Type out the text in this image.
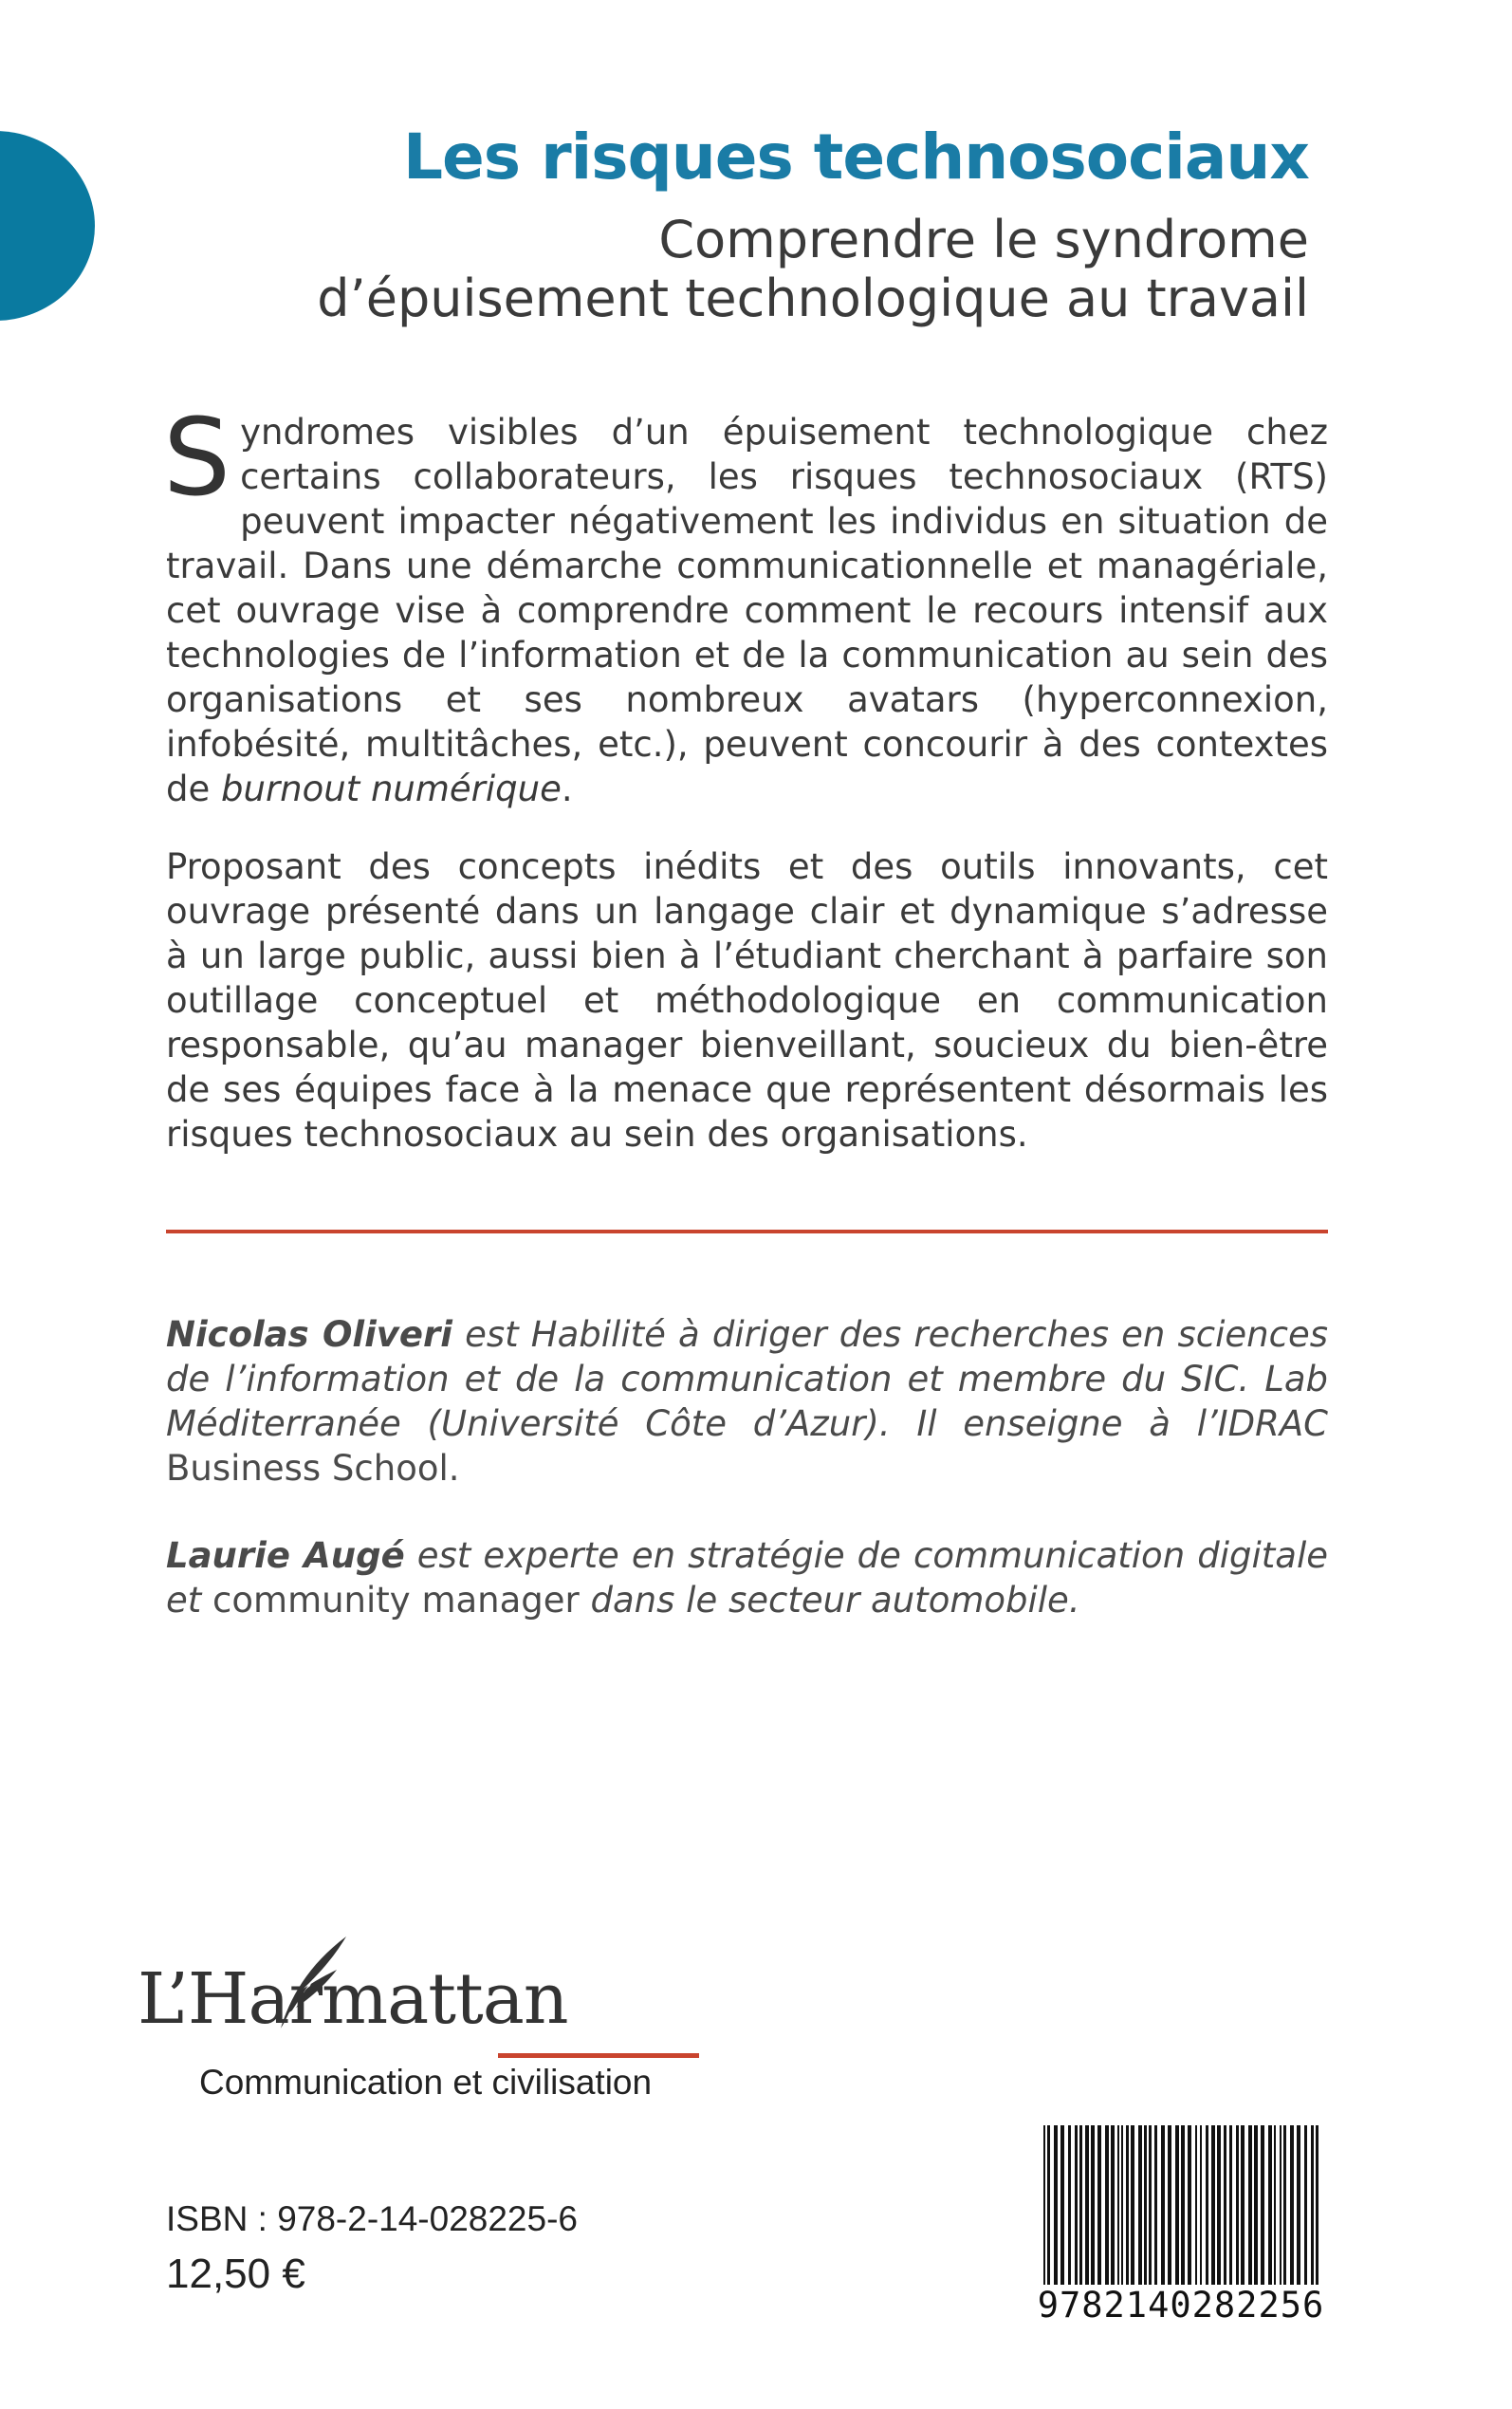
Les risques technosociaux
Comprendre le syndrome
d’épuisement technologique au travail
Syndromes visibles d’un épuisement technologique chez certains collaborateurs, les risques technosociaux (RTS) peuvent impacter négativement les individus en situation de travail. Dans une démarche communicationnelle et managériale, cet ouvrage vise à comprendre comment le recours intensif aux technologies de l’information et de la communication au sein des organisations et ses nombreux avatars (hyperconnexion, infobésité, multitâches, etc.), peuvent concourir à des contextes de burnout numérique.
Proposant des concepts inédits et des outils innovants, cet ouvrage présenté dans un langage clair et dynamique s’adresse à un large public, aussi bien à l’étudiant cherchant à parfaire son outillage conceptuel et méthodologique en communication responsable, qu’au manager bienveillant, soucieux du bien-être de ses équipes face à la menace que représentent désormais les risques technosociaux au sein des organisations.
Nicolas Oliveri est Habilité à diriger des recherches en sciences de l’information et de la communication et membre du SIC. Lab Méditerranée (Université Côte d’Azur). Il enseigne à l’IDRAC Business School.
Laurie Augé est experte en stratégie de communication digitale et community manager dans le secteur automobile.
L’Harmattan
Communication et civilisation
ISBN : 978-2-14-028225-6
12,50 €
9782140282256
